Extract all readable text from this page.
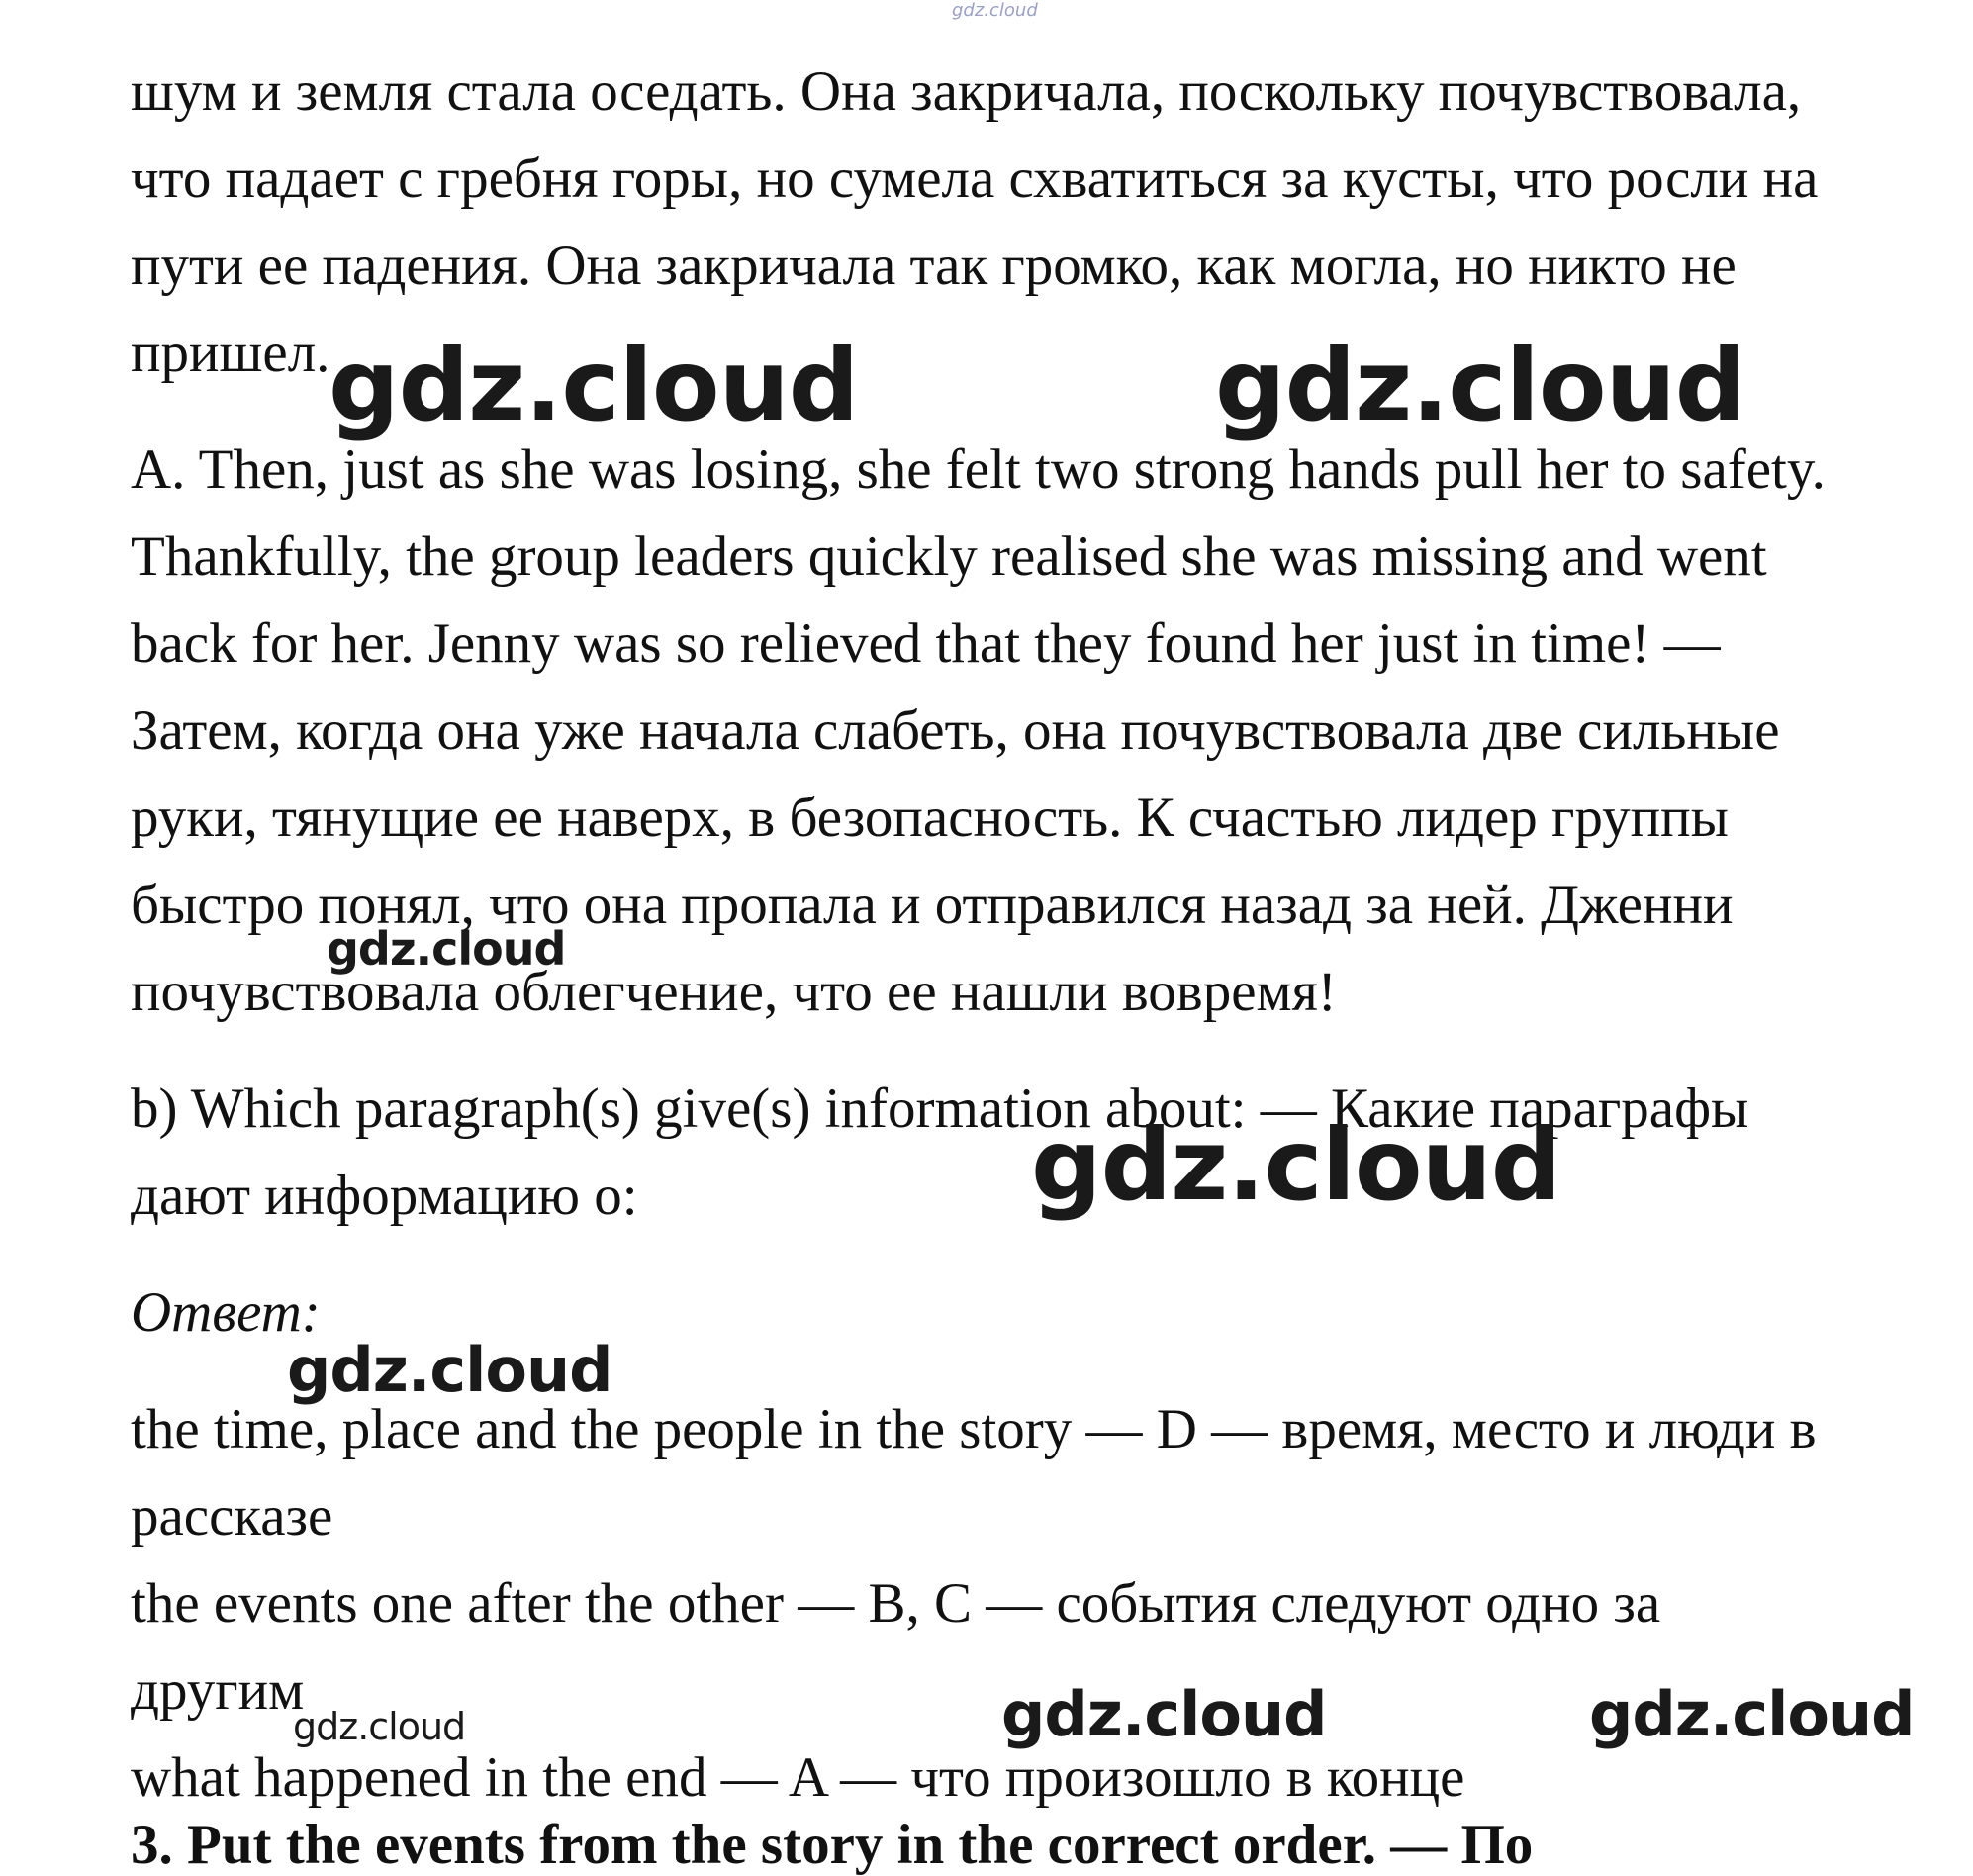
gdz.cloud
шум и земля стала оседать. Она закричала, поскольку почувствовала,
что падает с гребня горы, но сумела схватиться за кусты, что росли на
пути ее падения. Она закричала так громко, как могла, но никто не
пришел.
A. Then, just as she was losing, she felt two strong hands pull her to safety.
Thankfully, the group leaders quickly realised she was missing and went
back for her. Jenny was so relieved that they found her just in time! —
Затем, когда она уже начала слабеть, она почувствовала две сильные
руки, тянущие ее наверх, в безопасность. К счастью лидер группы
быстро понял, что она пропала и отправился назад за ней. Дженни
почувствовала облегчение, что ее нашли вовремя!
b) Which paragraph(s) give(s) information about: — Какие параграфы
дают информацию о:
Ответ:
the time, place and the people in the story — D — время, место и люди в
рассказе
the events one after the other — B, C — события следуют одно за
другим
what happened in the end — A — что произошло в конце
3. Put the events from the story in the correct order. — По
gdz.cloud	gdz.cloud
gdz.cloud
gdz.cloud
gdz.cloud
gdz.cloud	gdz.cloud	gdz.cloud
